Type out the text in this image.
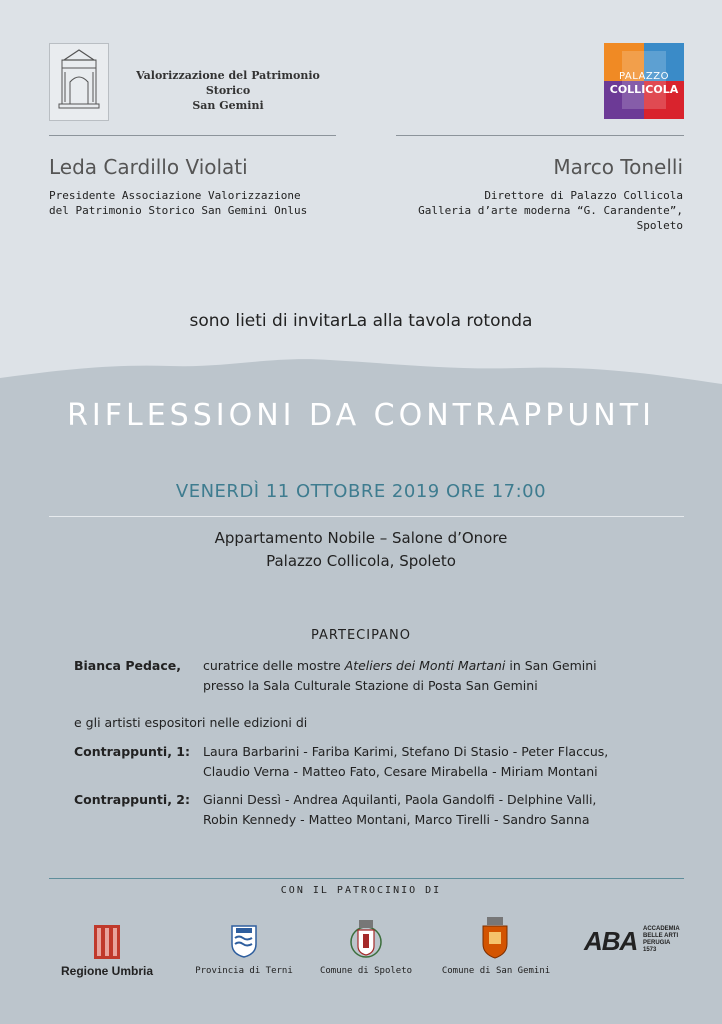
Valorizzazione del Patrimonio Storico
San Gemini
PALAZZO
COLLICOLA
Leda Cardillo Violati
Presidente Associazione Valorizzazione
del Patrimonio Storico San Gemini Onlus
Marco Tonelli
Direttore di Palazzo Collicola
Galleria d’arte moderna “G. Carandente”, Spoleto
sono lieti di invitarLa alla tavola rotonda
RIFLESSIONI DA CONTRAPPUNTI
VENERDÌ 11 OTTOBRE 2019 ORE 17:00
Appartamento Nobile – Salone d’Onore
Palazzo Collicola, Spoleto
PARTECIPANO
Bianca Pedace, curatrice delle mostre Ateliers dei Monti Martani in San Gemini
presso la Sala Culturale Stazione di Posta San Gemini
e gli artisti espositori nelle edizioni di
Contrappunti, 1: Laura Barbarini - Fariba Karimi, Stefano Di Stasio - Peter Flaccus,
Claudio Verna - Matteo Fato, Cesare Mirabella - Miriam Montani
Contrappunti, 2: Gianni Dessì - Andrea Aquilanti, Paola Gandolfi - Delphine Valli,
Robin Kennedy - Matteo Montani, Marco Tirelli - Sandro Sanna
CON IL PATROCINIO DI
Regione Umbria	Provincia di Terni	Comune di Spoleto	Comune di San Gemini
ABA ACCADEMIA
BELLE ARTI
PERUGIA
1573
